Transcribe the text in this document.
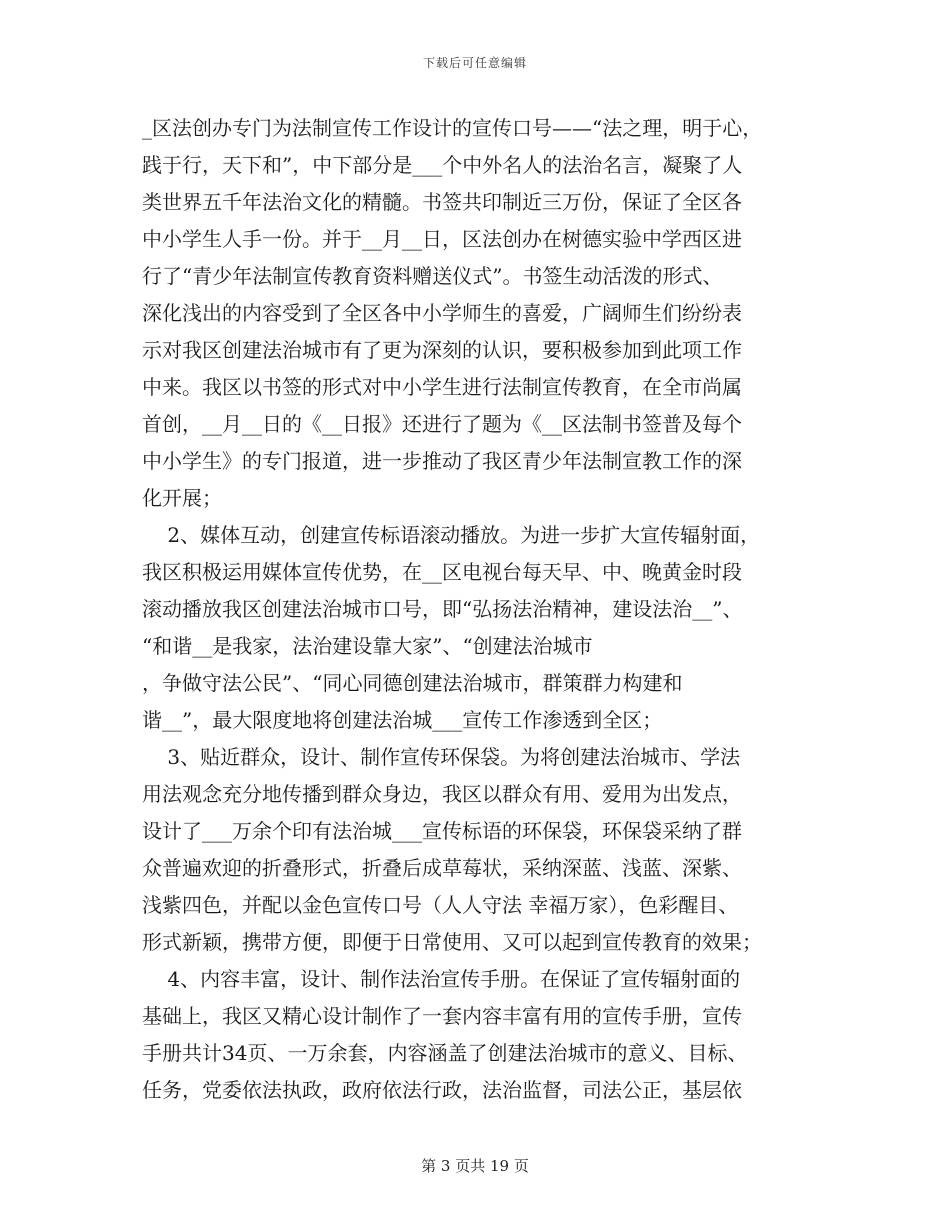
下载后可任意编辑
_区法创办专门为法制宣传工作设计的宣传口号——“法之理，明于心，
践于行，天下和”，中下部分是___个中外名人的法治名言，凝聚了人
类世界五千年法治文化的精髓。书签共印制近三万份，保证了全区各
中小学生人手一份。并于__月__日，区法创办在树德实验中学西区进
行了“青少年法制宣传教育资料赠送仪式”。书签生动活泼的形式、
深化浅出的内容受到了全区各中小学师生的喜爱，广阔师生们纷纷表
示对我区创建法治城市有了更为深刻的认识，要积极参加到此项工作
中来。我区以书签的形式对中小学生进行法制宣传教育，在全市尚属
首创，__月__日的《__日报》还进行了题为《__区法制书签普及每个
中小学生》的专门报道，进一步推动了我区青少年法制宣教工作的深
化开展；
2、媒体互动，创建宣传标语滚动播放。为进一步扩大宣传辐射面，
我区积极运用媒体宣传优势，在__区电视台每天早、中、晚黄金时段
滚动播放我区创建法治城市口号，即“弘扬法治精神，建设法治__”、
“和谐__是我家，法治建设靠大家”、“创建法治城市
，争做守法公民”、“同心同德创建法治城市，群策群力构建和
谐__”，最大限度地将创建法治城___宣传工作渗透到全区；
3、贴近群众，设计、制作宣传环保袋。为将创建法治城市、学法
用法观念充分地传播到群众身边，我区以群众有用、爱用为出发点，
设计了___万余个印有法治城___宣传标语的环保袋，环保袋采纳了群
众普遍欢迎的折叠形式，折叠后成草莓状，采纳深蓝、浅蓝、深紫、
浅紫四色，并配以金色宣传口号（人人守法 幸福万家），色彩醒目、
形式新颖，携带方便，即便于日常使用、又可以起到宣传教育的效果；
4、内容丰富，设计、制作法治宣传手册。在保证了宣传辐射面的
基础上，我区又精心设计制作了一套内容丰富有用的宣传手册，宣传
手册共计34页、一万余套，内容涵盖了创建法治城市的意义、目标、
任务，党委依法执政，政府依法行政，法治监督，司法公正，基层依
第 3 页共 19 页
